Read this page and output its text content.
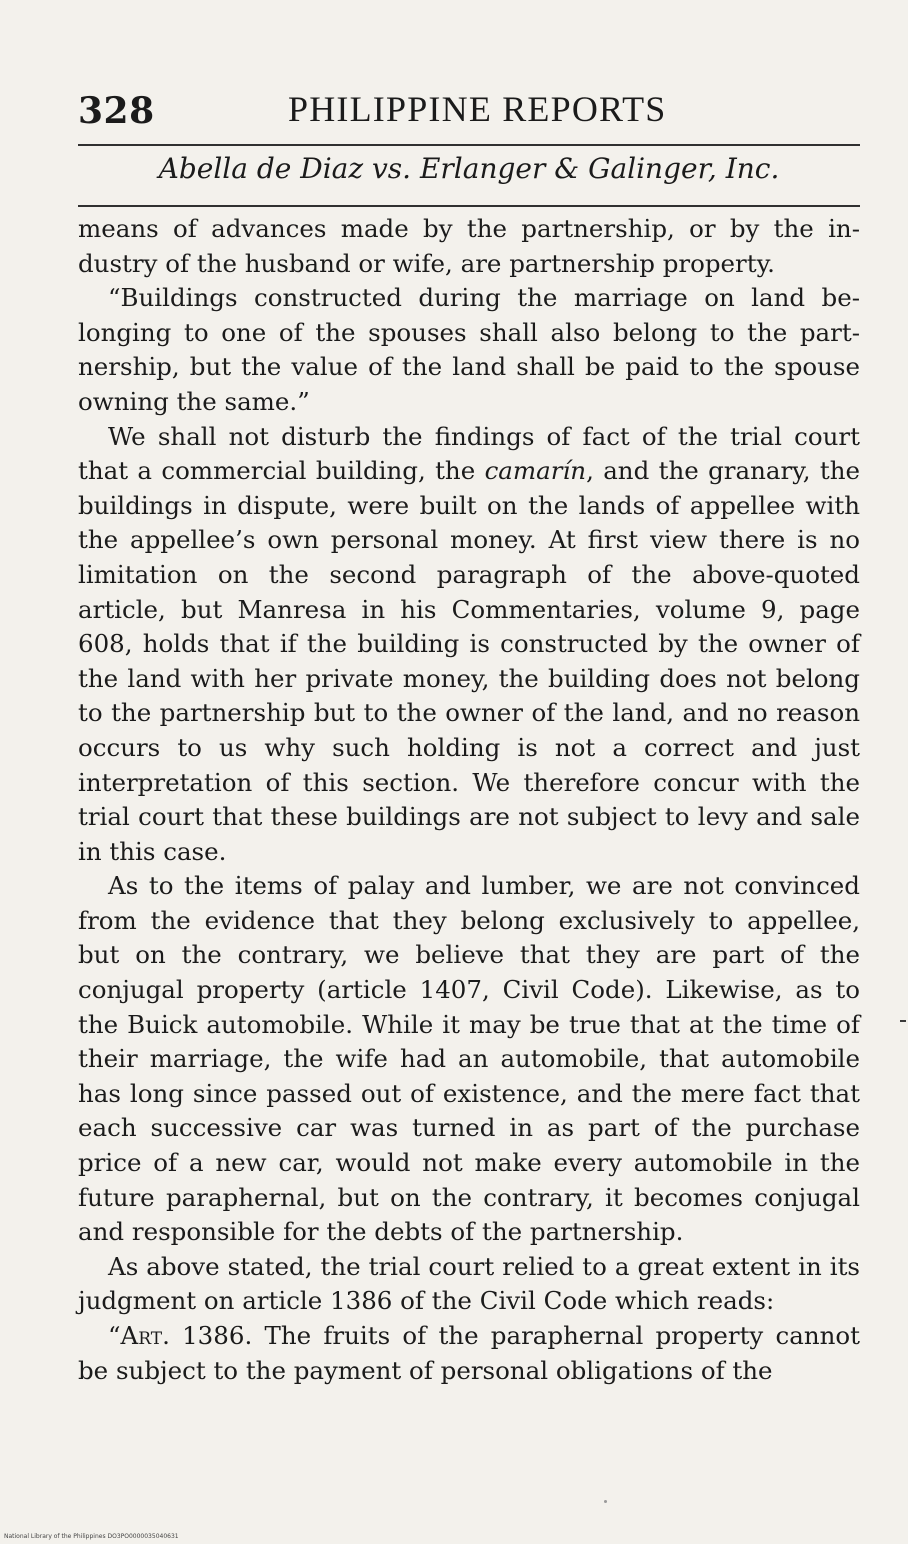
328	PHILIPPINE REPORTS
Abella de Diaz vs. Erlanger & Galinger, Inc.

means of advances made by the partnership, or by the industry of the husband or wife, are partnership property.

“Buildings constructed during the marriage on land belonging to one of the spouses shall also belong to the partnership, but the value of the land shall be paid to the spouse owning the same.”

We shall not disturb the findings of fact of the trial court that a commercial building, the camarín, and the granary, the buildings in dispute, were built on the lands of appellee with the appellee’s own personal money. At first view there is no limitation on the second paragraph of the above-quoted article, but Manresa in his Commentaries, volume 9, page 608, holds that if the building is constructed by the owner of the land with her private money, the building does not belong to the partnership but to the owner of the land, and no reason occurs to us why such holding is not a correct and just interpretation of this section. We therefore concur with the trial court that these buildings are not subject to levy and sale in this case.

As to the items of palay and lumber, we are not convinced from the evidence that they belong exclusively to appellee, but on the contrary, we believe that they are part of the conjugal property (article 1407, Civil Code). Likewise, as to the Buick automobile. While it may be true that at the time of their marriage, the wife had an automobile, that automobile has long since passed out of existence, and the mere fact that each successive car was turned in as part of the purchase price of a new car, would not make every automobile in the future paraphernal, but on the contrary, it becomes conjugal and responsible for the debts of the partnership.

As above stated, the trial court relied to a great extent in its judgment on article 1386 of the Civil Code which reads:

“Art. 1386. The fruits of the paraphernal property cannot be subject to the payment of personal obligations of the

National Library of the Philippines DO3PO0000035040631
